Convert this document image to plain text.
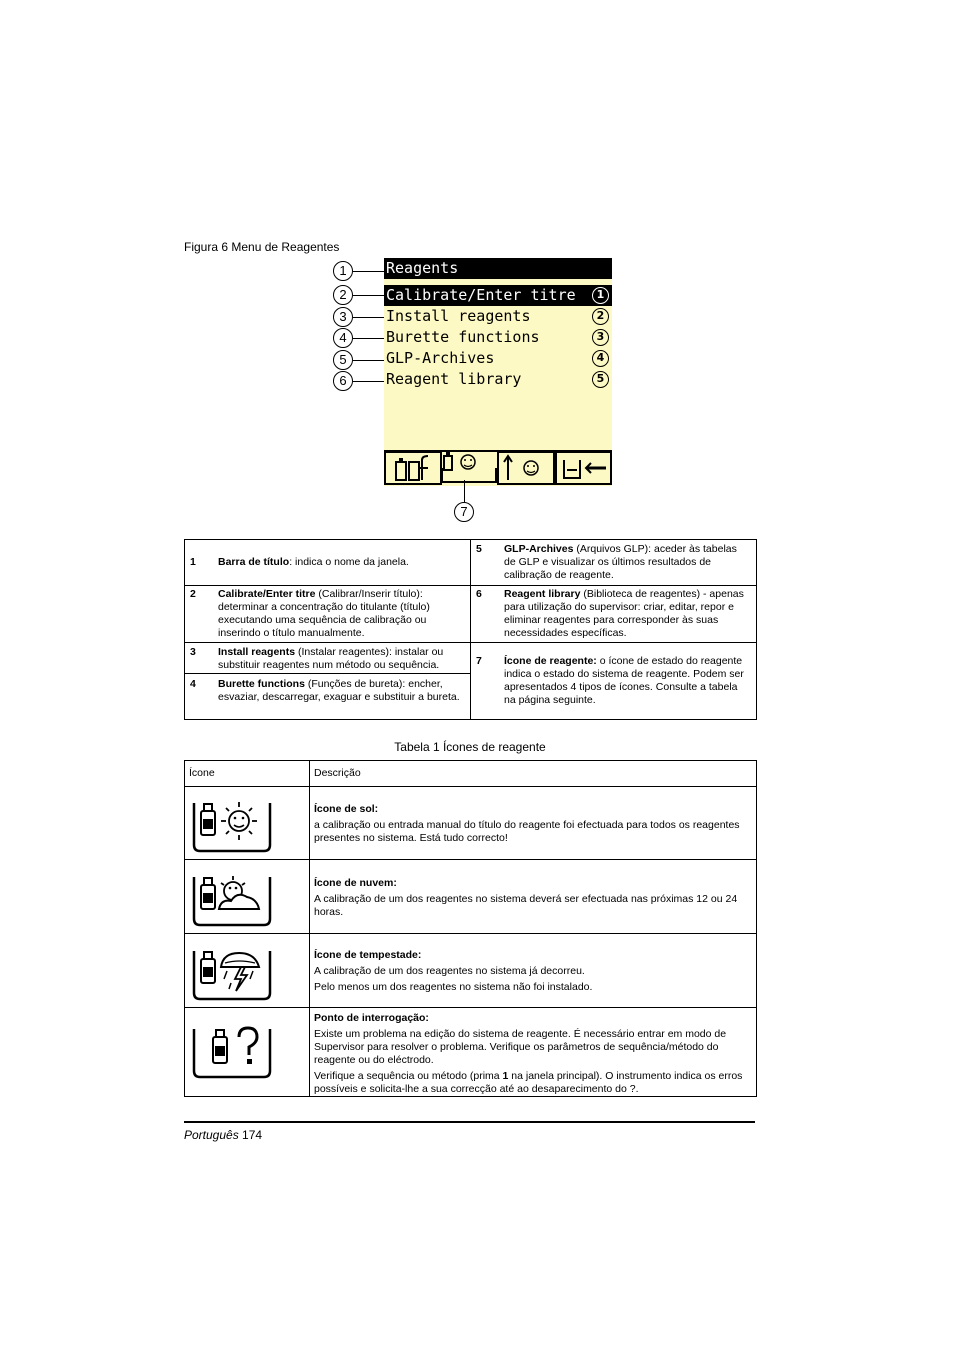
Figura 6 Menu de Reagentes
Reagents
Calibrate/Enter titre	1
Install reagents	2
Burette functions	3
GLP-Archives	4
Reagent library	5
1
2
3
4
5
6
7
1 Barra de título: indica o nome da janela.
2 Calibrate/Enter titre (Calibrar/Inserir título): determinar a concentração do titulante (título) executando uma sequência de calibração ou inserindo o título manualmente.
3 Install reagents (Instalar reagentes): instalar ou substituir reagentes num método ou sequência.
4 Burette functions (Funções de bureta): encher, esvaziar, descarregar, exaguar e substituir a bureta.
5 GLP-Archives (Arquivos GLP): aceder às tabelas de GLP e visualizar os últimos resultados de calibração de reagente.
6 Reagent library (Biblioteca de reagentes) - apenas para utilização do supervisor: criar, editar, repor e eliminar reagentes para corresponder às suas necessidades específicas.
7 Ícone de reagente: o ícone de estado do reagente indica o estado do sistema de reagente. Podem ser apresentados 4 tipos de ícones. Consulte a tabela na página seguinte.
Tabela 1 Ícones de reagente
Ícone	Descrição

Ícone de sol:

a calibração ou entrada manual do título do reagente foi efectuada para todos os reagentes presentes no sistema. Está tudo correcto!

Ícone de nuvem:

A calibração de um dos reagentes no sistema deverá ser efectuada nas próximas 12 ou 24 horas.

Ícone de tempestade:

A calibração de um dos reagentes no sistema já decorreu.

Pelo menos um dos reagentes no sistema não foi instalado.

Ponto de interrogação:

Existe um problema na edição do sistema de reagente. É necessário entrar em modo de Supervisor para resolver o problema. Verifique os parâmetros de sequência/método do reagente ou do eléctrodo.

Verifique a sequência ou método (prima 1 na janela principal). O instrumento indica os erros possíveis e solicita-lhe a sua correcção até ao desaparecimento do ?.

Português 174
